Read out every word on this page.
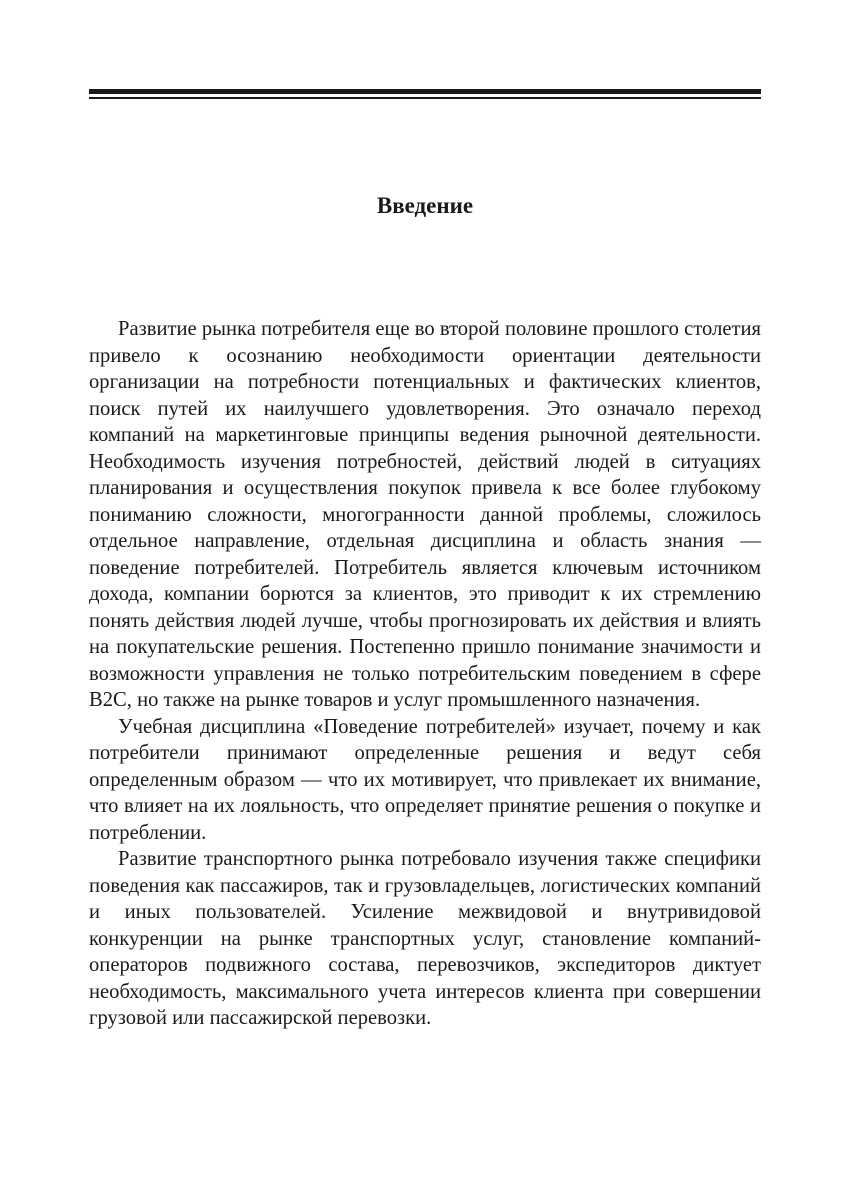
Введение

Развитие рынка потребителя еще во второй половине прошлого столетия привело к осознанию необходимости ориентации деятельности организации на потребности потенциальных и фактических клиентов, поиск путей их наилучшего удовлетворения. Это означало переход компаний на маркетинговые принципы ведения рыночной деятельности. Необходимость изучения потребностей, действий людей в ситуациях планирования и осуществления покупок привела к все более глубокому пониманию сложности, многогранности данной проблемы, сложилось отдельное направление, отдельная дисциплина и область знания — поведение потребителей. Потребитель является ключевым источником дохода, компании борются за клиентов, это приводит к их стремлению понять действия людей лучше, чтобы прогнозировать их действия и влиять на покупательские решения. Постепенно пришло понимание значимости и возможности управления не только потребительским поведением в сфере B2C, но также на рынке товаров и услуг промышленного назначения.

Учебная дисциплина «Поведение потребителей» изучает, почему и как потребители принимают определенные решения и ведут себя определенным образом — что их мотивирует, что привлекает их внимание, что влияет на их лояльность, что определяет принятие решения о покупке и потреблении.

Развитие транспортного рынка потребовало изучения также специфики поведения как пассажиров, так и грузовладельцев, логистических компаний и иных пользователей. Усиление межвидовой и внутривидовой конкуренции на рынке транспортных услуг, становление компаний-операторов подвижного состава, перевозчиков, экспедиторов диктует необходимость, максимального учета интересов клиента при совершении грузовой или пассажирской перевозки.
